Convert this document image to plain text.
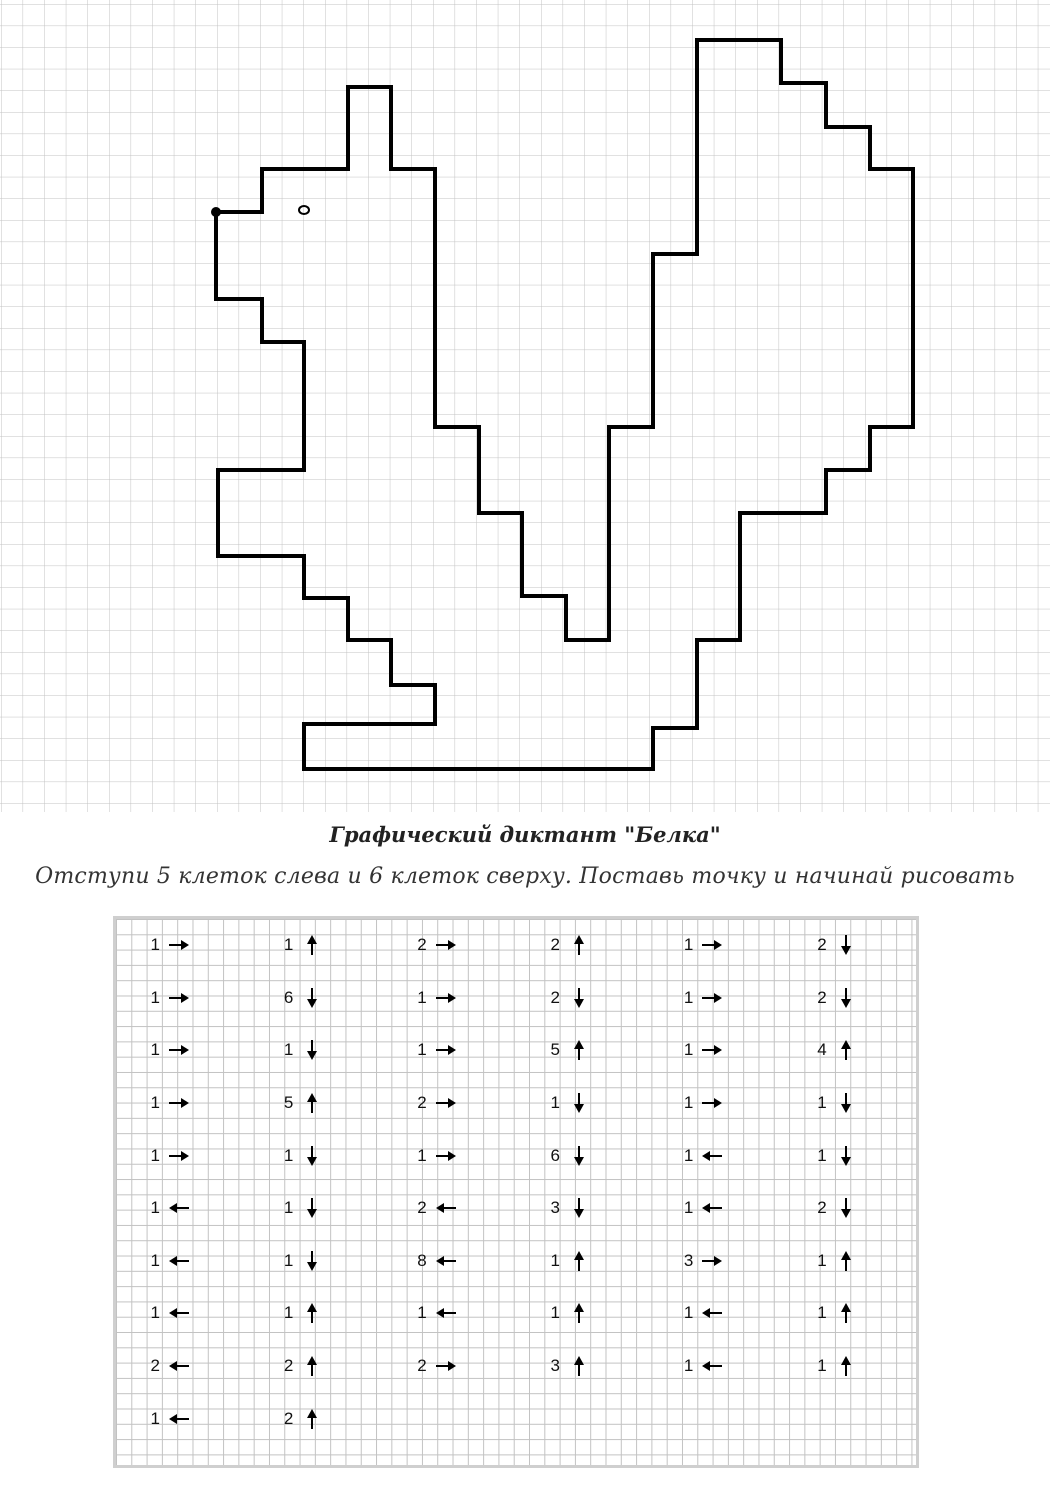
Графический диктант "Белка"

Отступи 5 клеток слева и 6 клеток сверху. Поставь точку и начинай рисовать

1	1	2	2	1	2
1	6	1	2	1	2
1	1	1	5	1	4
1	5	2	1	1	1
1	1	1	6	1	1
1	1	2	3	1	2
1	1	8	1	3	1
1	1	1	1	1	1
2	2	2	3	1	1
1	2
